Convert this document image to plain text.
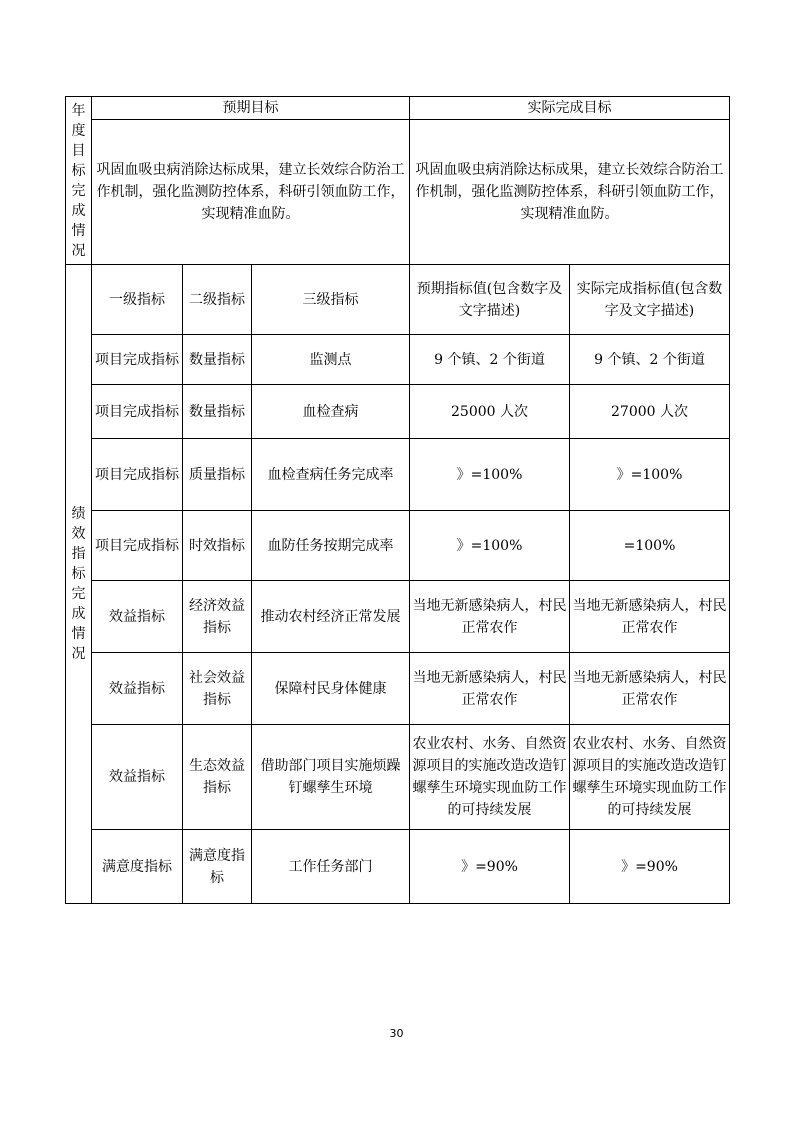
年度目标完成情况	预期目标			实际完成目标	
	巩固血吸虫病消除达标成果，建立长效综合防治工作机制，强化监测防控体系，科研引领血防工作，实现精准血防。			巩固血吸虫病消除达标成果，建立长效综合防治工作机制，强化监测防控体系，科研引领血防工作，实现精准血防。	

绩效指标完成情况	一级指标	二级指标	三级指标	预期指标值(包含数字及文字描述)	实际完成指标值(包含数字及文字描述)
	项目完成指标	数量指标	监测点	9 个镇、2 个街道	9 个镇、2 个街道
	项目完成指标	数量指标	血检查病	25000 人次	27000 人次
	项目完成指标	质量指标	血检查病任务完成率	》=100%	》=100%
	项目完成指标	时效指标	血防任务按期完成率	》=100%	=100%
	效益指标	经济效益指标	推动农村经济正常发展	当地无新感染病人，村民正常农作	当地无新感染病人，村民正常农作
	效益指标	社会效益指标	保障村民身体健康	当地无新感染病人，村民正常农作	当地无新感染病人，村民正常农作
	效益指标	生态效益指标	借助部门项目实施烦躁钉螺孳生环境	农业农村、水务、自然资源项目的实施改造改造钉螺孳生环境实现血防工作的可持续发展	农业农村、水务、自然资源项目的实施改造改造钉螺孳生环境实现血防工作的可持续发展
	满意度指标	满意度指标	工作任务部门	》=90%	》=90%
30
